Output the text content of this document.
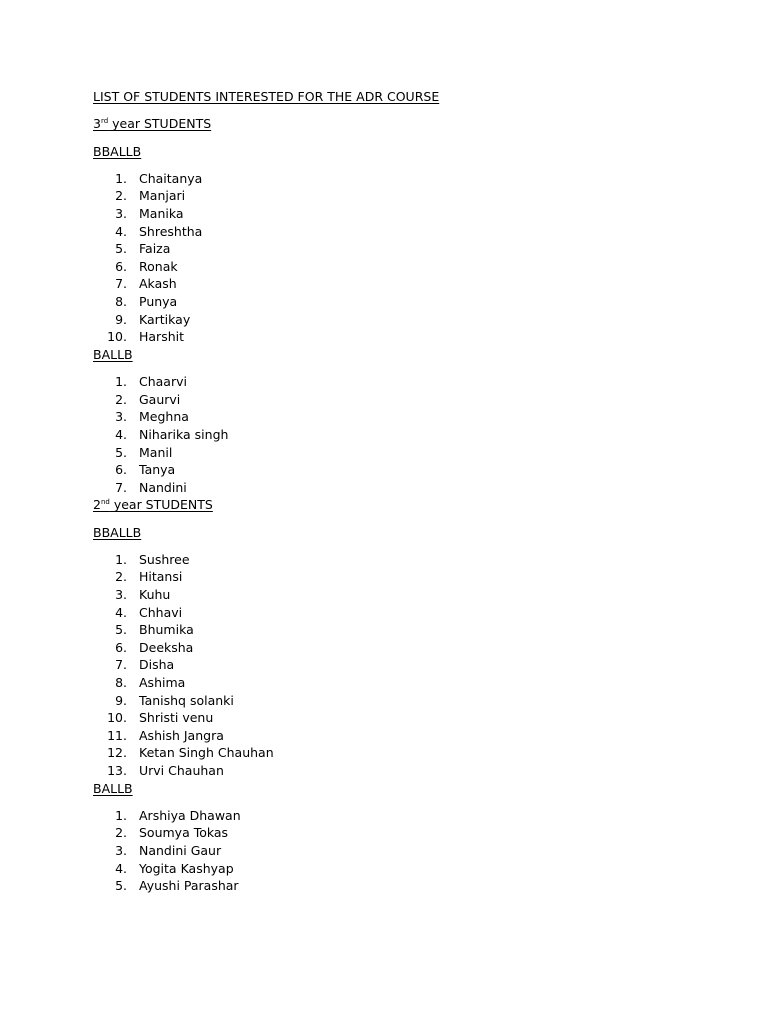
LIST OF STUDENTS INTERESTED FOR THE ADR COURSE

3rd year STUDENTS

BBALLB

1. Chaitanya
2. Manjari
3. Manika
4. Shreshtha
5. Faiza
6. Ronak
7. Akash
8. Punya
9. Kartikay
10. Harshit

BALLB

1. Chaarvi
2. Gaurvi
3. Meghna
4. Niharika singh
5. Manil
6. Tanya
7. Nandini

2nd year STUDENTS

BBALLB

1. Sushree
2. Hitansi
3. Kuhu
4. Chhavi
5. Bhumika
6. Deeksha
7. Disha
8. Ashima
9. Tanishq solanki
10. Shristi venu
11. Ashish Jangra
12. Ketan Singh Chauhan
13. Urvi Chauhan

BALLB

1. Arshiya Dhawan
2. Soumya Tokas
3. Nandini Gaur
4. Yogita Kashyap
5. Ayushi Parashar
